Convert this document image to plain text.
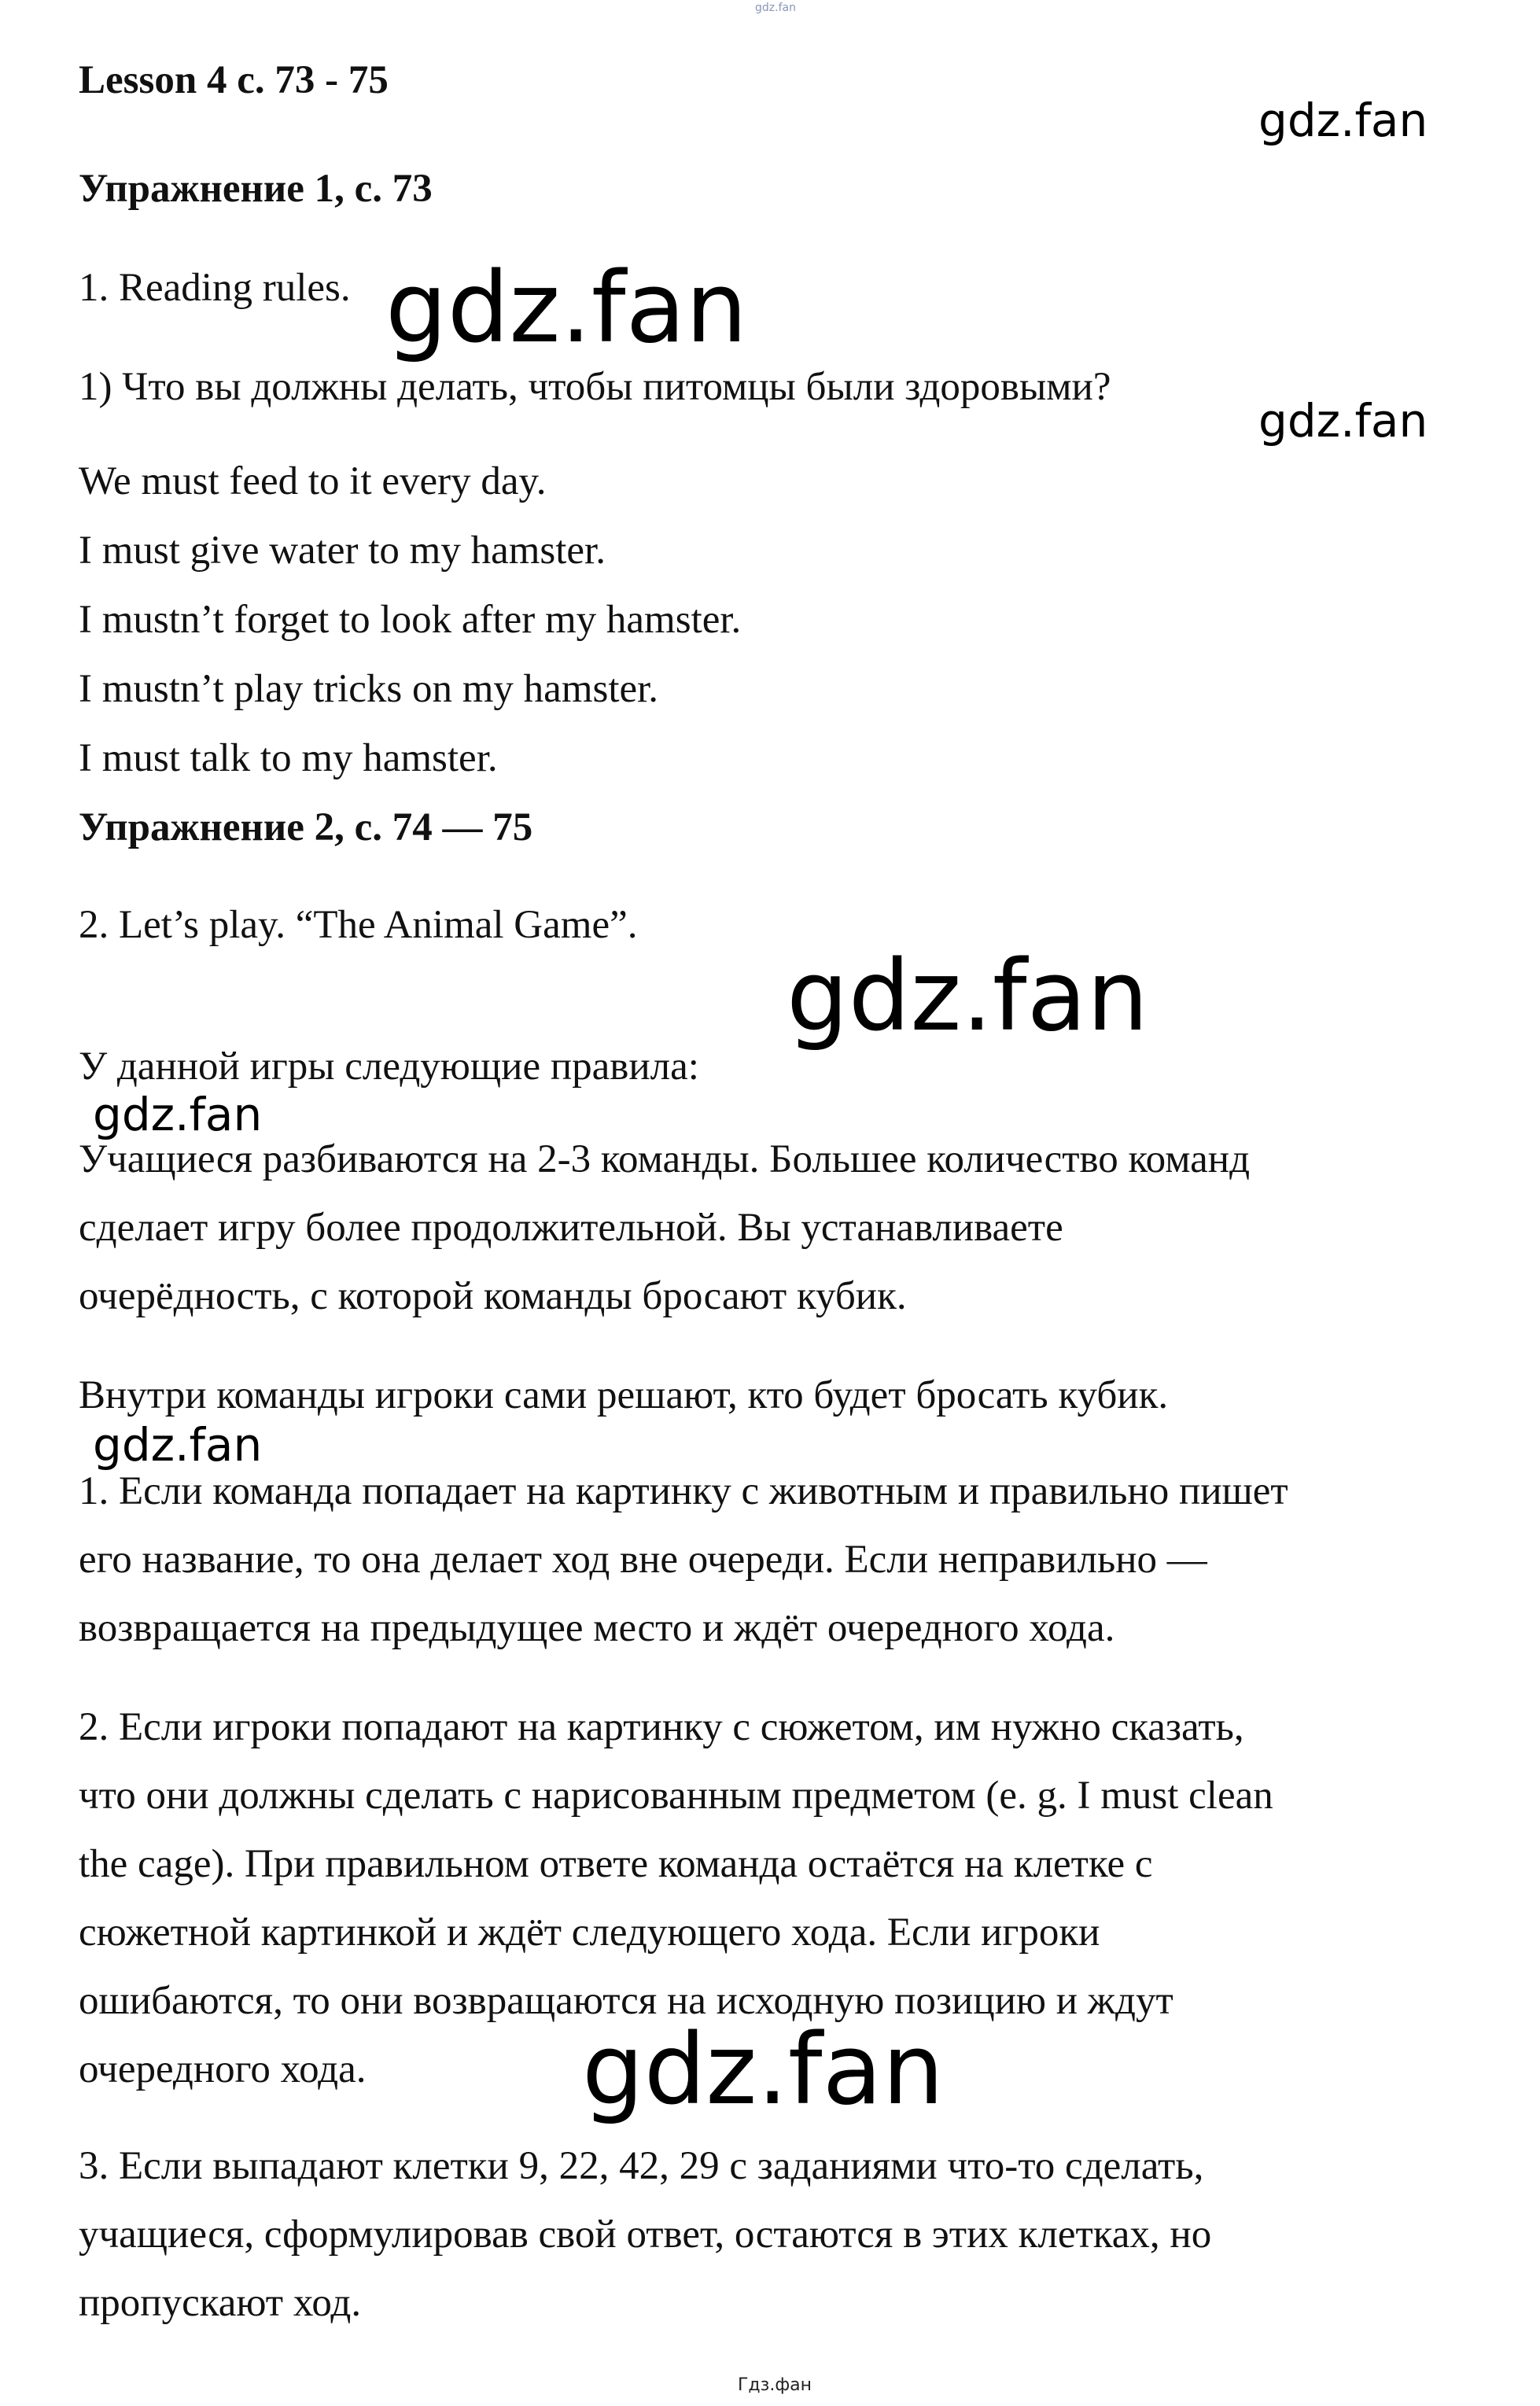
gdz.fan
Lesson 4 с. 73 - 75
Упражнение 1, с. 73
1. Reading rules.
1) Что вы должны делать, чтобы питомцы были здоровыми?
We must feed to it every day.
I must give water to my hamster.
I mustn’t forget to look after my hamster.
I mustn’t play tricks on my hamster.
I must talk to my hamster.
Упражнение 2, с. 74 — 75
2. Let’s play. “The Animal Game”.
У данной игры следующие правила:
Учащиеся разбиваются на 2-3 команды. Большее количество команд
сделает игру более продолжительной. Вы устанавливаете
очерёдность, с которой команды бросают кубик.
Внутри команды игроки сами решают, кто будет бросать кубик.
1. Если команда попадает на картинку с животным и правильно пишет
его название, то она делает ход вне очереди. Если неправильно —
возвращается на предыдущее место и ждёт очередного хода.
2. Если игроки попадают на картинку с сюжетом, им нужно сказать,
что они должны сделать с нарисованным предметом (e. g. I must clean
the cage). При правильном ответе команда остаётся на клетке с
сюжетной картинкой и ждёт следующего хода. Если игроки
ошибаются, то они возвращаются на исходную позицию и ждут
очередного хода.
3. Если выпадают клетки 9, 22, 42, 29 с заданиями что-то сделать,
учащиеся, сформулировав свой ответ, остаются в этих клетках, но
пропускают ход.
gdz.fan
gdz.fan
gdz.fan
gdz.fan
gdz.fan
gdz.fan
gdz.fan
Гдз.фан
